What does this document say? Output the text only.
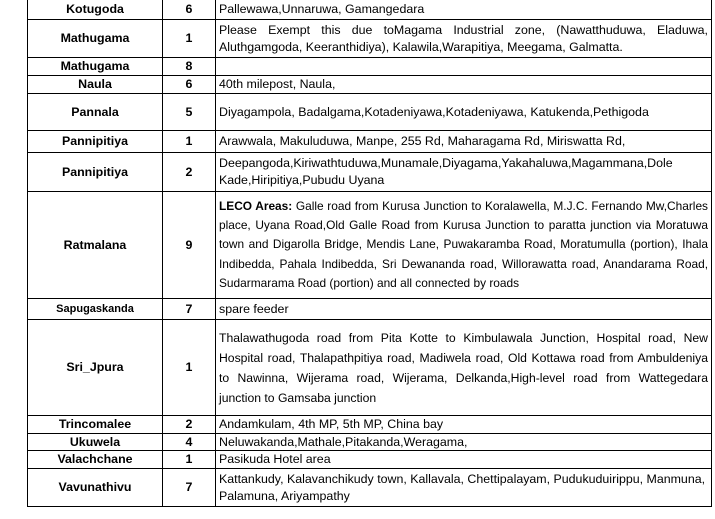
Kotugoda	6	Pallewawa,Unnaruwa, Gamangedara
Mathugama	1	Please Exempt this due toMagama Industrial zone, (Nawatthuduwa, Eladuwa, Aluthgamgoda, Keeranthidiya), Kalawila,Warapitiya, Meegama, Galmatta.
Mathugama	8	
Naula	6	40th milepost, Naula,
Pannala	5	Diyagampola, Badalgama,Kotadeniyawa,Kotadeniyawa, Katukenda,Pethigoda
Pannipitiya	1	Arawwala, Makuluduwa, Manpe, 255 Rd, Maharagama Rd, Miriswatta Rd,
Pannipitiya	2	Deepangoda,Kiriwathtuduwa,Munamale,Diyagama,Yakahaluwa,Magammana,Dole Kade,Hiripitiya,Pubudu Uyana
Ratmalana	9	LECO Areas: Galle road from Kurusa Junction to Koralawella, M.J.C. Fernando Mw,Charles place, Uyana Road,Old Galle Road from Kurusa Junction to paratta junction via Moratuwa town and Digarolla Bridge, Mendis Lane, Puwakaramba Road, Moratumulla (portion), Ihala Indibedda, Pahala Indibedda, Sri Dewananda road, Willorawatta road, Anandarama Road, Sudarmarama Road (portion) and all connected by roads
Sapugaskanda	7	spare feeder
Sri_Jpura	1	Thalawathugoda road from Pita Kotte to Kimbulawala Junction, Hospital road, New Hospital road, Thalapathpitiya road, Madiwela road, Old Kottawa road from Ambuldeniya to Nawinna, Wijerama road, Wijerama, Delkanda,High-level road from Wattegedara junction to Gamsaba junction
Trincomalee	2	Andamkulam, 4th MP, 5th MP, China bay
Ukuwela	4	Neluwakanda,Mathale,Pitakanda,Weragama,
Valachchane	1	Pasikuda Hotel area
Vavunathivu	7	Kattankudy, Kalavanchikudy town, Kallavala, Chettipalayam, Pudukuduirippu, Manmuna, Palamuna, Ariyampathy
